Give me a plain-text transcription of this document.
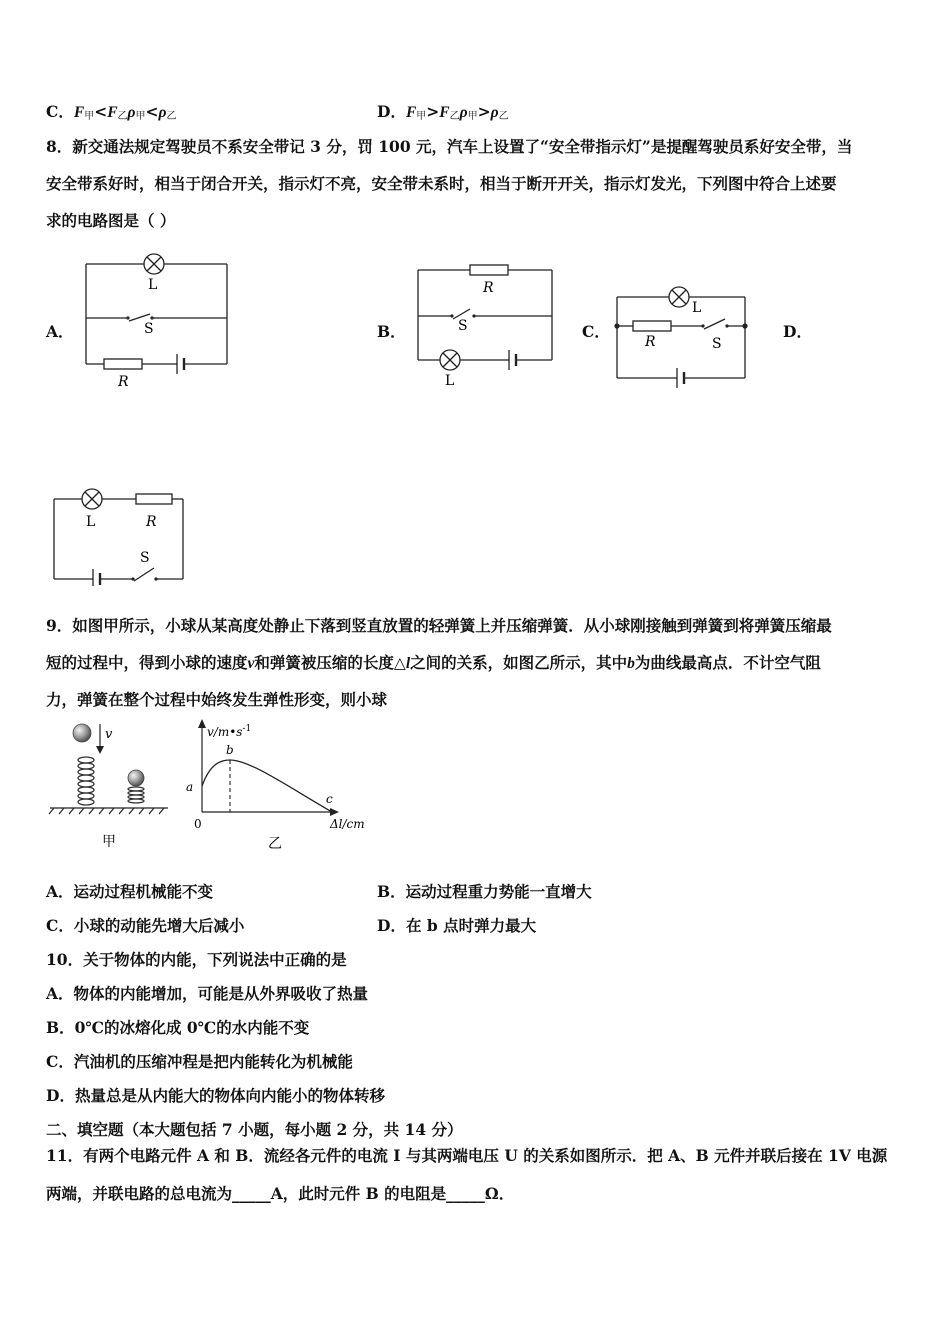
C．$F_甲<F_乙\rho_甲<\rho_乙$	D．$F_甲>F_乙\rho_甲>\rho_乙$
8．新交通法规定驾驶员不系安全带记 3 分，罚 100 元，汽车上设置了“安全带指示灯”是提醒驾驶员系好安全带，当
安全带系好时，相当于闭合开关，指示灯不亮，安全带未系时，相当于断开开关，指示灯发光，下列图中符合上述要
求的电路图是（ ）
A．	B．	C．	D．
L
S
R
R
S
L
L
R	S
L	R
S
9．如图甲所示，小球从某高度处静止下落到竖直放置的轻弹簧上并压缩弹簧．从小球刚接触到弹簧到将弹簧压缩最
短的过程中，得到小球的速度v和弹簧被压缩的长度△l之间的关系，如图乙所示，其中b为曲线最高点．不计空气阻
力，弹簧在整个过程中始终发生弹性形变，则小球
v
甲
$v/m•s^{-1}$
b
a
c
0	Δl/cm
乙
A．运动过程机械能不变	B．运动过程重力势能一直增大
C．小球的动能先增大后减小	D．在 b 点时弹力最大
10．关于物体的内能，下列说法中正确的是
A．物体的内能增加，可能是从外界吸收了热量
B．0℃的冰熔化成 0℃的水内能不变
C．汽油机的压缩冲程是把内能转化为机械能
D．热量总是从内能大的物体向内能小的物体转移
二、填空题（本大题包括 7 小题，每小题 2 分，共 14 分）
11．有两个电路元件 A 和 B．流经各元件的电流 I 与其两端电压 U 的关系如图所示．把 A、B 元件并联后接在 1V 电源
两端，并联电路的总电流为_____A，此时元件 B 的电阻是_____Ω．
